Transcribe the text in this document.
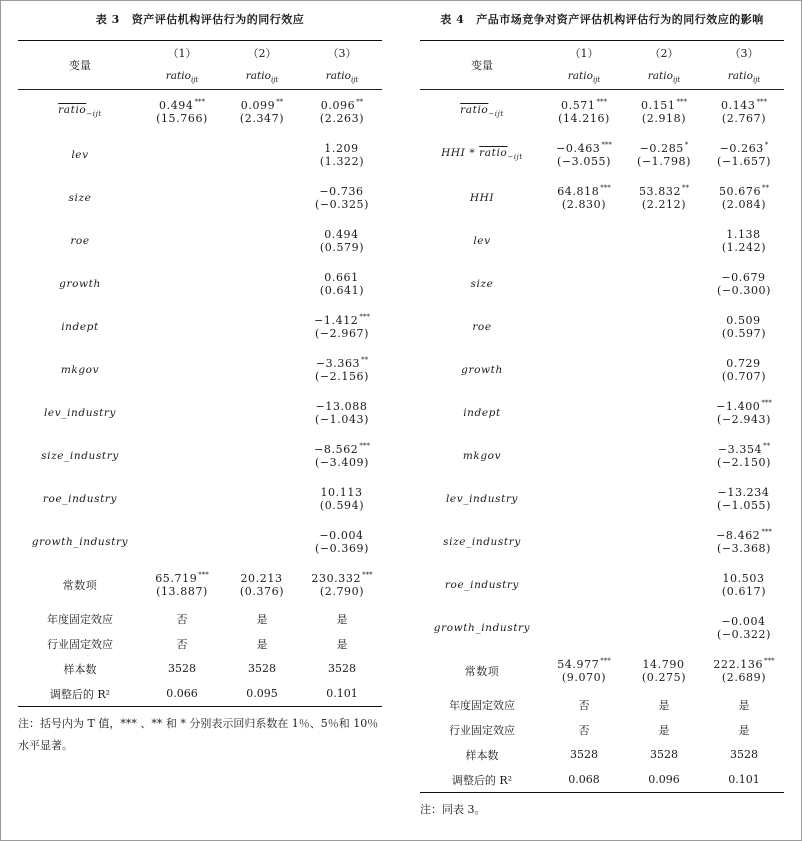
表 3 资产评估机构评估行为的同行效应
变量	（1）	（2）	（3）
	ratio$_{ijt}$	ratio$_{ijt}$	ratio$_{ijt}$
ratio$_{-ijt}$	0.494***	0.099**	0.096**
	(15.766)	(2.347)	(2.263)
lev			1.209
			(1.322)
size			−0.736
			(−0.325)
roe			0.494
			(0.579)
growth			0.661
			(0.641)
indept			−1.412***
			(−2.967)
mkgov			−3.363**
			(−2.156)
lev_industry			−13.088
			(−1.043)
size_industry			−8.562***
			(−3.409)
roe_industry			10.113
			(0.594)
growth_industry			−0.004
			(−0.369)
常数项	65.719***	20.213	230.332***
	(13.887)	(0.376)	(2.790)
年度固定效应	否	是	是
行业固定效应	否	是	是
样本数	3528	3528	3528
调整后的 R²	0.066	0.095	0.101
注：括号内为 T 值，*** 、** 和 * 分别表示回归系数在 1％、5％和 10％水平显著。
表 4 产品市场竞争对资产评估机构评估行为的同行效应的影响
变量	（1）	（2）	（3）
	ratio$_{ijt}$	ratio$_{ijt}$	ratio$_{ijt}$
ratio$_{-ijt}$	0.571***	0.151***	0.143***
	(14.216)	(2.918)	(2.767)
HHI * ratio$_{-ijt}$	−0.463***	−0.285*	−0.263*
	(−3.055)	(−1.798)	(−1.657)
HHI	64.818***	53.832**	50.676**
	(2.830)	(2.212)	(2.084)
lev			1.138
			(1.242)
size			−0.679
			(−0.300)
roe			0.509
			(0.597)
growth			0.729
			(0.707)
indept			−1.400***
			(−2.943)
mkgov			−3.354**
			(−2.150)
lev_industry			−13.234
			(−1.055)
size_industry			−8.462***
			(−3.368)
roe_industry			10.503
			(0.617)
growth_industry			−0.004
			(−0.322)
常数项	54.977***	14.790	222.136***
	(9.070)	(0.275)	(2.689)
年度固定效应	否	是	是
行业固定效应	否	是	是
样本数	3528	3528	3528
调整后的 R²	0.068	0.096	0.101
注：同表 3。
